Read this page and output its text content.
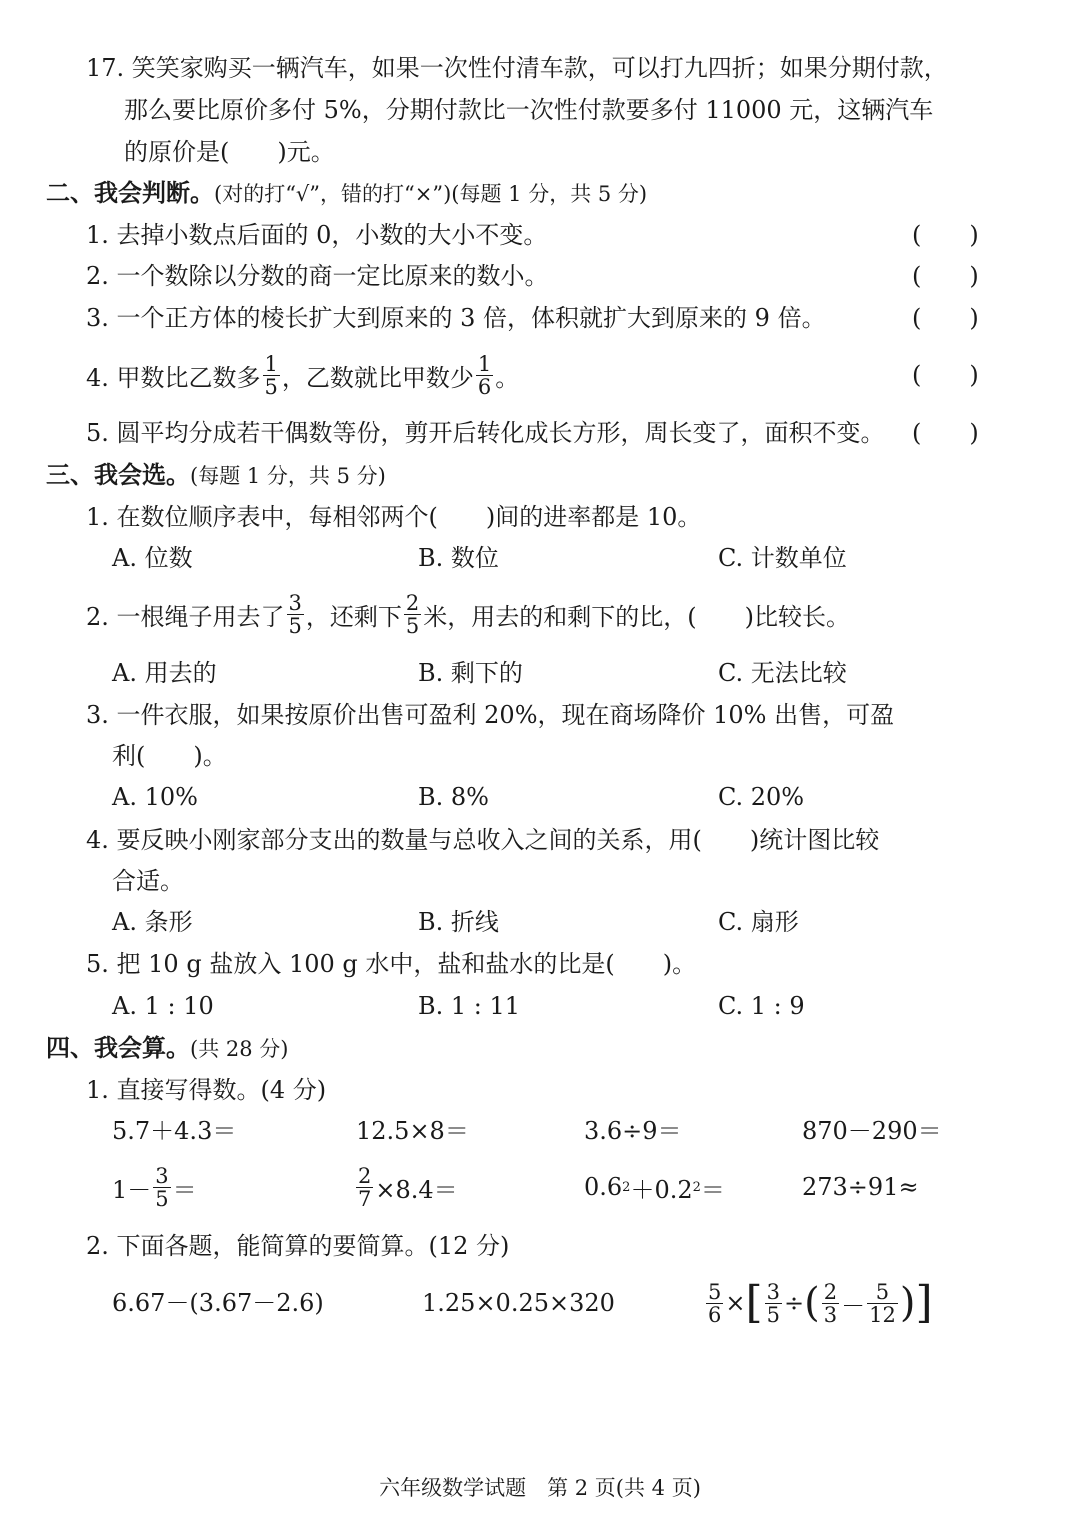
17. 笑笑家购买一辆汽车，如果一次性付清车款，可以打九四折；如果分期付款，
那么要比原价多付 5%，分期付款比一次性付款要多付 11000 元，这辆汽车
的原价是(　　)元。
二、我会判断。(对的打“√”，错的打“×”)(每题 1 分，共 5 分)
1. 去掉小数点后面的 0，小数的大小不变。	(　　)
2. 一个数除以分数的商一定比原来的数小。	(　　)
3. 一个正方体的棱长扩大到原来的 3 倍，体积就扩大到原来的 9 倍。	(　　)
4. 甲数比乙数多 $\frac{1}{5}$ ，乙数就比甲数少 $\frac{1}{6}$ 。	(　　)
5. 圆平均分成若干偶数等份，剪开后转化成长方形，周长变了，面积不变。 (　　)
三、我会选。(每题 1 分，共 5 分)
1. 在数位顺序表中，每相邻两个(　　)间的进率都是 10。
A. 位数	B. 数位	C. 计数单位
2. 一根绳子用去了 $\frac{3}{5}$ ，还剩下 $\frac{2}{5}$ 米，用去的和剩下的比，(　　)比较长。
A. 用去的	B. 剩下的	C. 无法比较
3. 一件衣服，如果按原价出售可盈利 20%，现在商场降价 10% 出售，可盈
利(　　)。
A. 10%	B. 8%	C. 20%
4. 要反映小刚家部分支出的数量与总收入之间的关系，用(　　)统计图比较
合适。
A. 条形	B. 折线	C. 扇形
5. 把 10 g 盐放入 100 g 水中，盐和盐水的比是(　　)。
A. 1 : 10	B. 1 : 11	C. 1 : 9
四、我会算。(共 28 分)
1. 直接写得数。(4 分)
5.7＋4.3＝	12.5×8＝	3.6÷9＝	870－290＝
$1- \frac{3}{5}$ ＝	$\frac{2}{7} \times 8.4=$	0.6 2 ＋0.2 2 ＝	273÷91≈
2. 下面各题，能简算的要简算。(12 分)
6.67－(3.67－2.6)	1.25×0.25×320	$\frac{5}{6}$ × [ $\frac{3}{5}$ ÷ ( $\frac{2}{3} - \frac{5}{12}$ ) ]
六年级数学试题　第 2 页(共 4 页)
